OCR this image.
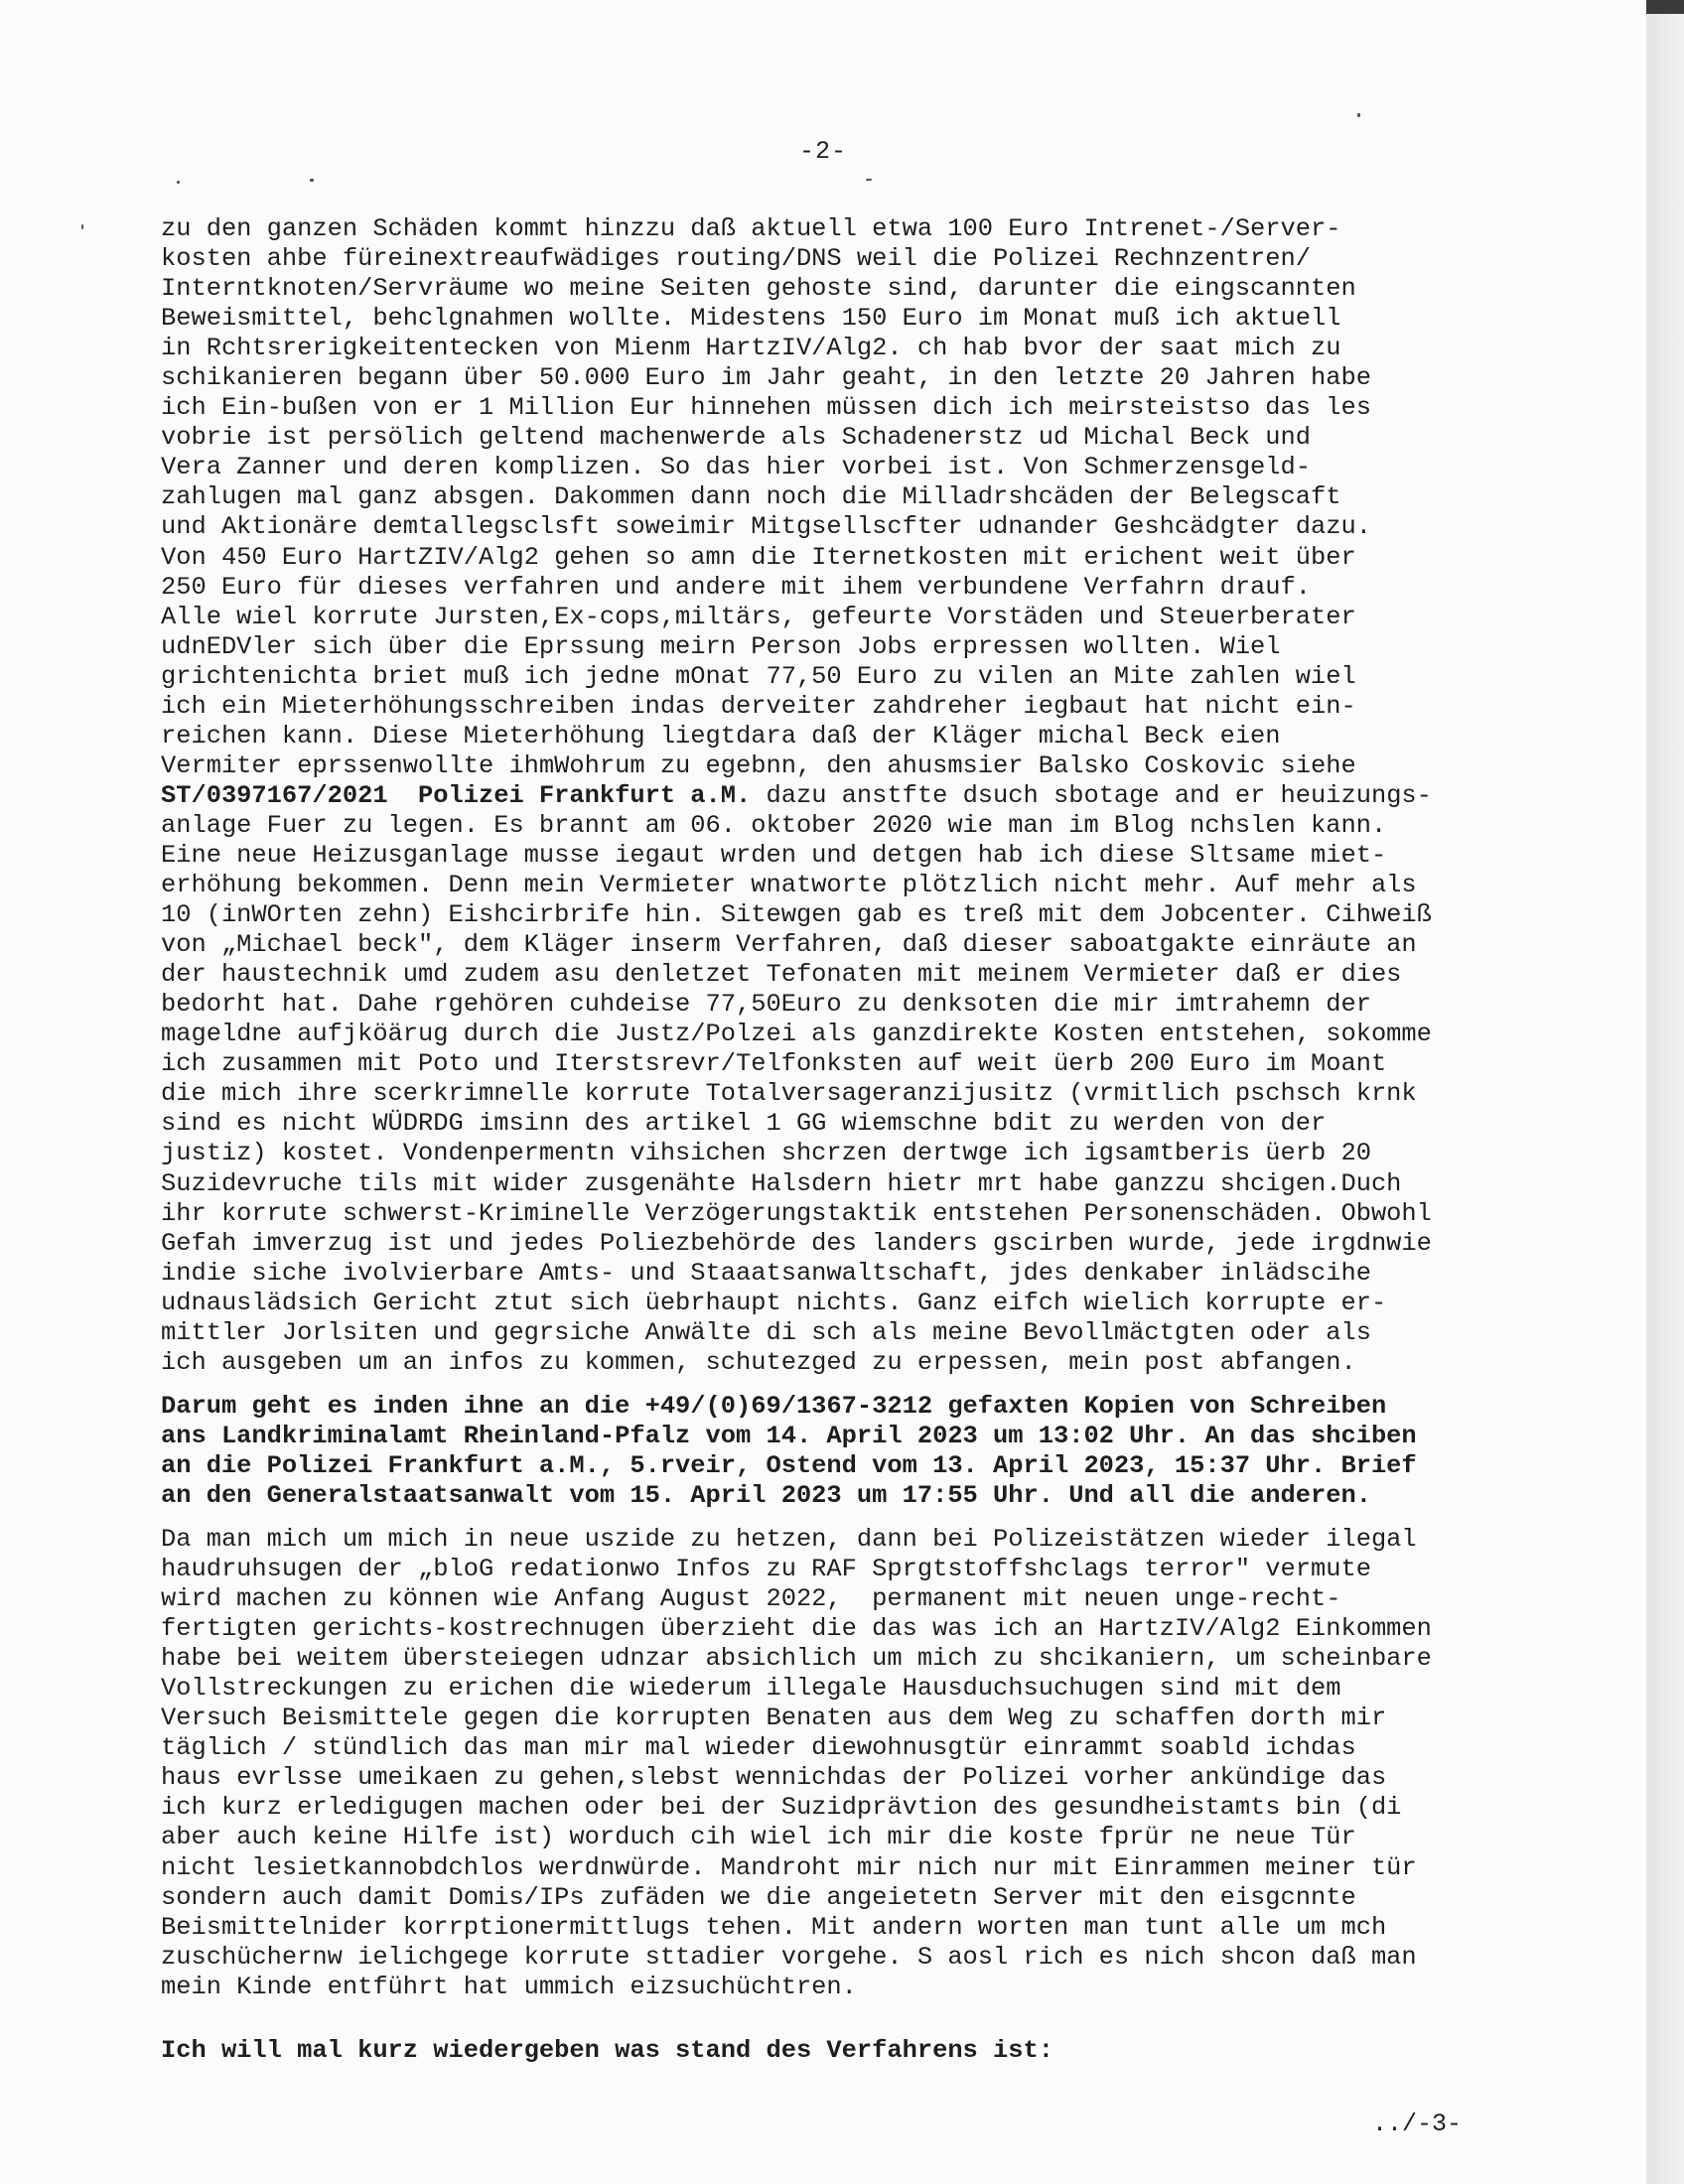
-2-

zu den ganzen Schäden kommt hinzzu daß aktuell etwa 100 Euro Intrenet-/Server-

kosten ahbe füreinextreaufwädiges routing/DNS weil die Polizei Rechnzentren/

Interntknoten/Servräume wo meine Seiten gehoste sind, darunter die eingscannten

Beweismittel, behclgnahmen wollte. Midestens 150 Euro im Monat muß ich aktuell

in Rchtsrerigkeitentecken von Mienm HartzIV/Alg2. ch hab bvor der saat mich zu

schikanieren begann über 50.000 Euro im Jahr geaht, in den letzte 20 Jahren habe

ich Ein-bußen von er 1 Million Eur hinnehen müssen dich ich meirsteistso das les

vobrie ist persölich geltend machenwerde als Schadenerstz ud Michal Beck und

Vera Zanner und deren komplizen. So das hier vorbei ist. Von Schmerzensgeld-

zahlugen mal ganz absgen. Dakommen dann noch die Milladrshcäden der Belegscaft

und Aktionäre demtallegsclsft soweimir Mitgsellscfter udnander Geshcädgter dazu.

Von 450 Euro HartZIV/Alg2 gehen so amn die Iternetkosten mit erichent weit über

250 Euro für dieses verfahren und andere mit ihem verbundene Verfahrn drauf.

Alle wiel korrute Jursten,Ex-cops,miltärs, gefeurte Vorstäden und Steuerberater

udnEDVler sich über die Eprssung meirn Person Jobs erpressen wollten. Wiel

grichtenichta briet muß ich jedne mOnat 77,50 Euro zu vilen an Mite zahlen wiel

ich ein Mieterhöhungsschreiben indas derveiter zahdreher iegbaut hat nicht ein-

reichen kann. Diese Mieterhöhung liegtdara daß der Kläger michal Beck eien

Vermiter eprssenwollte ihmWohrum zu egebnn, den ahusmsier Balsko Coskovic siehe

ST/0397167/2021  Polizei Frankfurt a.M. dazu anstfte dsuch sbotage and er heuizungs-

anlage Fuer zu legen. Es brannt am 06. oktober 2020 wie man im Blog nchslen kann.

Eine neue Heizusganlage musse iegaut wrden und detgen hab ich diese Sltsame miet-

erhöhung bekommen. Denn mein Vermieter wnatworte plötzlich nicht mehr. Auf mehr als

10 (inWOrten zehn) Eishcirbrife hin. Sitewgen gab es treß mit dem Jobcenter. Cihweiß

von „Michael beck", dem Kläger inserm Verfahren, daß dieser saboatgakte einräute an

der haustechnik umd zudem asu denletzet Tefonaten mit meinem Vermieter daß er dies

bedorht hat. Dahe rgehören cuhdeise 77,50Euro zu denksoten die mir imtrahemn der

mageldne aufjköärug durch die Justz/Polzei als ganzdirekte Kosten entstehen, sokomme

ich zusammen mit Poto und Iterstsrevr/Telfonksten auf weit üerb 200 Euro im Moant

die mich ihre scerkrimnelle korrute Totalversageranzijusitz (vrmitlich pschsch krnk

sind es nicht WÜDRDG imsinn des artikel 1 GG wiemschne bdit zu werden von der

justiz) kostet. Vondenpermentn vihsichen shcrzen dertwge ich igsamtberis üerb 20

Suzidevruche tils mit wider zusgenähte Halsdern hietr mrt habe ganzzu shcigen.Duch

ihr korrute schwerst-Kriminelle Verzögerungstaktik entstehen Personenschäden. Obwohl

Gefah imverzug ist und jedes Poliezbehörde des landers gscirben wurde, jede irgdnwie

indie siche ivolvierbare Amts- und Staaatsanwaltschaft, jdes denkaber inlädscihe

udnauslädsich Gericht ztut sich üebrhaupt nichts. Ganz eifch wielich korrupte er-

mittler Jorlsiten und gegrsiche Anwälte di sch als meine Bevollmäctgten oder als

ich ausgeben um an infos zu kommen, schutezged zu erpessen, mein post abfangen.

Darum geht es inden ihne an die +49/(0)69/1367-3212 gefaxten Kopien von Schreiben

ans Landkriminalamt Rheinland-Pfalz vom 14. April 2023 um 13:02 Uhr. An das shciben

an die Polizei Frankfurt a.M., 5.rveir, Ostend vom 13. April 2023, 15:37 Uhr. Brief

an den Generalstaatsanwalt vom 15. April 2023 um 17:55 Uhr. Und all die anderen.

Da man mich um mich in neue uszide zu hetzen, dann bei Polizeistätzen wieder ilegal

haudruhsugen der „bloG redationwo Infos zu RAF Sprgtstoffshclags terror" vermute

wird machen zu können wie Anfang August 2022,  permanent mit neuen unge-recht-

fertigten gerichts-kostrechnugen überzieht die das was ich an HartzIV/Alg2 Einkommen

habe bei weitem übersteiegen udnzar absichlich um mich zu shcikaniern, um scheinbare

Vollstreckungen zu erichen die wiederum illegale Hausduchsuchugen sind mit dem

Versuch Beismittele gegen die korrupten Benaten aus dem Weg zu schaffen dorth mir

täglich / stündlich das man mir mal wieder diewohnusgtür einrammt soabld ichdas

haus evrlsse umeikaen zu gehen,slebst wennichdas der Polizei vorher ankündige das

ich kurz erledigugen machen oder bei der Suzidprävtion des gesundheistamts bin (di

aber auch keine Hilfe ist) worduch cih wiel ich mir die koste fprür ne neue Tür

nicht lesietkannobdchlos werdnwürde. Mandroht mir nich nur mit Einrammen meiner tür

sondern auch damit Domis/IPs zufäden we die angeietetn Server mit den eisgcnnte

Beismittelnider korrptionermittlugs tehen. Mit andern worten man tunt alle um mch

zuschüchernw ielichgege korrute sttadier vorgehe. S aosl rich es nich shcon daß man

mein Kinde entführt hat ummich eizsuchüchtren.

Ich will mal kurz wiedergeben was stand des Verfahrens ist:

../-3-
